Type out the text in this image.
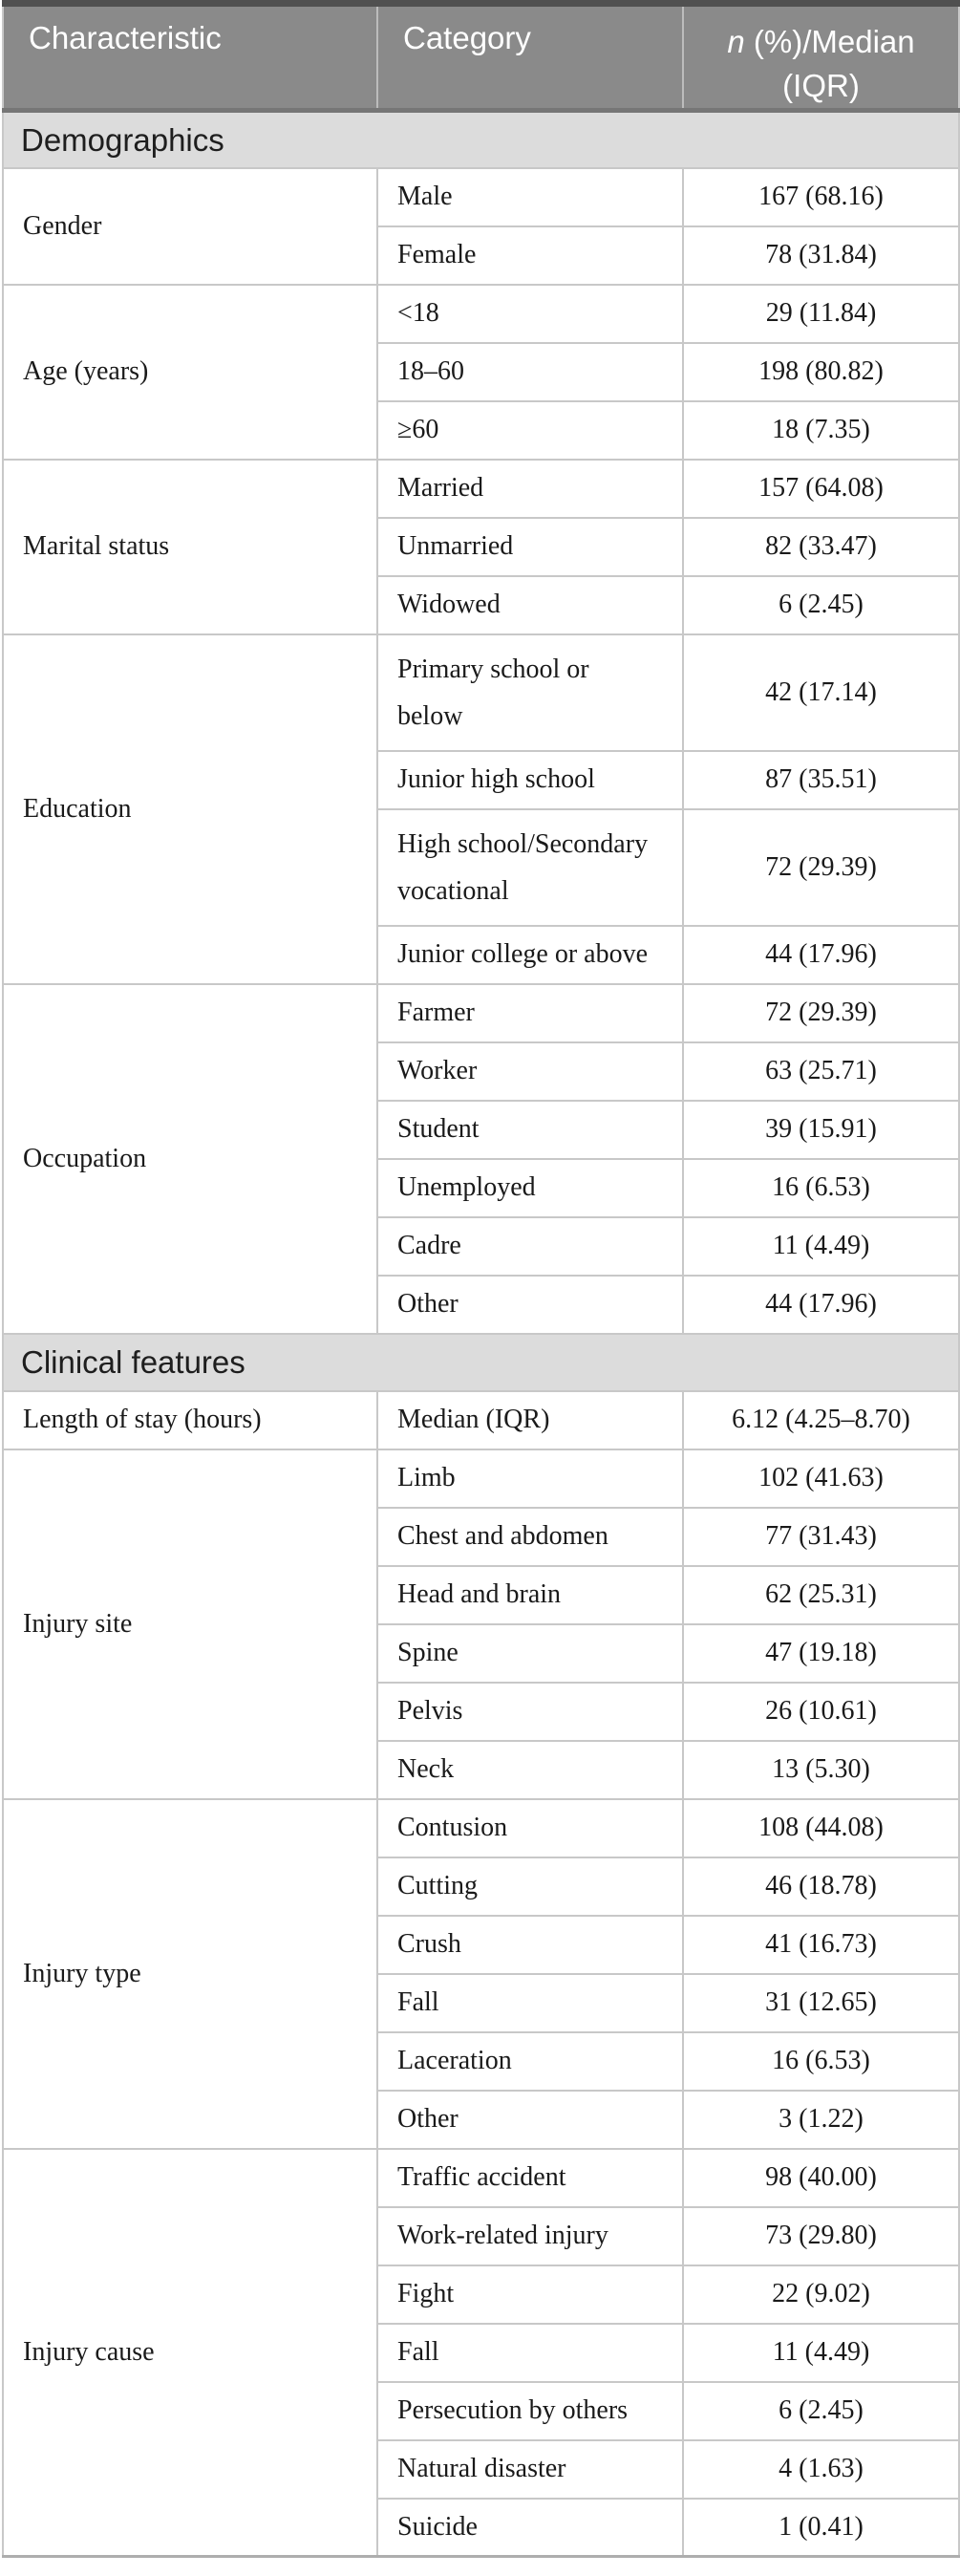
Characteristic	Category	n (%)/Median (IQR)
Demographics		
Gender	Male	167 (68.16)
	Female	78 (31.84)
Age (years)	<18	29 (11.84)
	18–60	198 (80.82)
	≥60	18 (7.35)
Marital status	Married	157 (64.08)
	Unmarried	82 (33.47)
	Widowed	6 (2.45)
Education	Primary school or below	42 (17.14)
	Junior high school	87 (35.51)

	High school/Secondary vocational	72 (29.39)
	Junior college or above	44 (17.96)
Occupation	Farmer	72 (29.39)
	Worker	63 (25.71)
	Student	39 (15.91)
	Unemployed	16 (6.53)
	Cadre	11 (4.49)
	Other	44 (17.96)
Clinical features		
Length of stay (hours)	Median (IQR)	6.12 (4.25–8.70)
Injury site	Limb	102 (41.63)
	Chest and abdomen	77 (31.43)
	Head and brain	62 (25.31)
	Spine	47 (19.18)
	Pelvis	26 (10.61)
	Neck	13 (5.30)
Injury type	Contusion	108 (44.08)
	Cutting	46 (18.78)
	Crush	41 (16.73)
	Fall	31 (12.65)
	Laceration	16 (6.53)
	Other	3 (1.22)
Injury cause	Traffic accident	98 (40.00)
	Work-related injury	73 (29.80)
	Fight	22 (9.02)
	Fall	11 (4.49)
	Persecution by others	6 (2.45)
	Natural disaster	4 (1.63)
	Suicide	1 (0.41)
